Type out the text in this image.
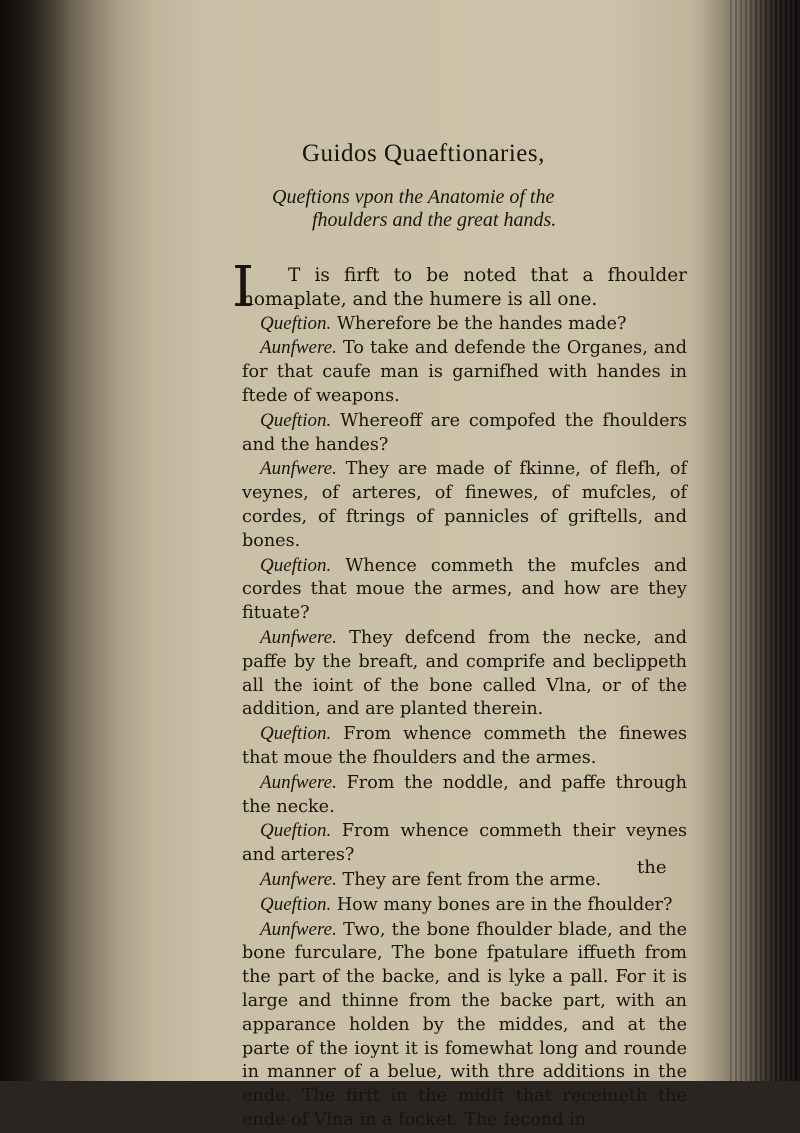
Guidos Quaeftionaries,
Queftions vpon the Anatomie of the
fhoulders and the great hands.
I	T is firft to be noted that a fhoulder homaplate, and the humere is all one.

Queftion. Wherefore be the handes made?

Aunfwere. To take and defende the Organes, and for that caufe man is garnifhed with handes in ftede of weapons.

Queftion. Whereoff are compofed the fhoulders and the handes?

Aunfwere. They are made of fkinne, of flefh, of veynes, of arteres, of finewes, of mufcles, of cordes, of ftrings of pannicles of griftells, and bones.

Queftion. Whence commeth the mufcles and cordes that moue the armes, and how are they fituate?

Aunfwere. They defcend from the necke, and paffe by the breaft, and comprife and beclippeth all the ioint of the bone called Vlna, or of the addition, and are planted therein.

Queftion. From whence commeth the finewes that moue the fhoulders and the armes.

Aunfwere. From the noddle, and paffe through the necke.

Queftion. From whence commeth their veynes and arteres?

Aunfwere. They are fent from the arme.

Queftion. How many bones are in the fhoulder?

Aunfwere. Two, the bone fhoulder blade, and the bone furculare, The bone fpatulare iffueth from the part of the backe, and is lyke a pall. For it is large and thinne from the backe part, with an apparance holden by the middes, and at the parte of the ioynt it is fomewhat long and rounde in manner of a belue, with thre additions in the ende. The firft in the midft that receiueth the ende of Vlna in a focket. The fecond in

the
